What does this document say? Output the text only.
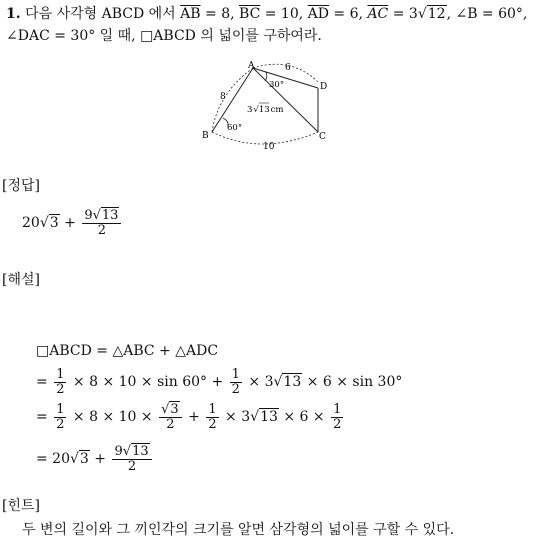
1. 다음 사각형 ABCD 에서 $\overline{AB} = 8$, $\overline{BC} = 10$, $\overline{AD} = 6$, $\overline{AC} = 3√12$, ∠B = 60°,
∠DAC = 30° 일 때, □ABCD 의 넓이를 구하여라.
A
B	C
D
6
8
10
30°
60°
3√13cm
[정답]
$20√3 + \frac{9√13}{2}$
[해설]
□ABCD = △ABC + △ADC
= $\frac{1}{2} \times 8 \times 10 \times \sin 60^\circ + \frac{1}{2} \times 3√13 \times 6 \times \sin 30^\circ$
= $\frac{1}{2} \times 8 \times 10 \times \frac{√3}{2} + \frac{1}{2} \times 3√13 \times 6 \times \frac{1}{2}$
= $20√3 + \frac{9√13}{2}$
[힌트]
두 변의 길이와 그 끼인각의 크기를 알면 삼각형의 넓이를 구할 수 있다.
